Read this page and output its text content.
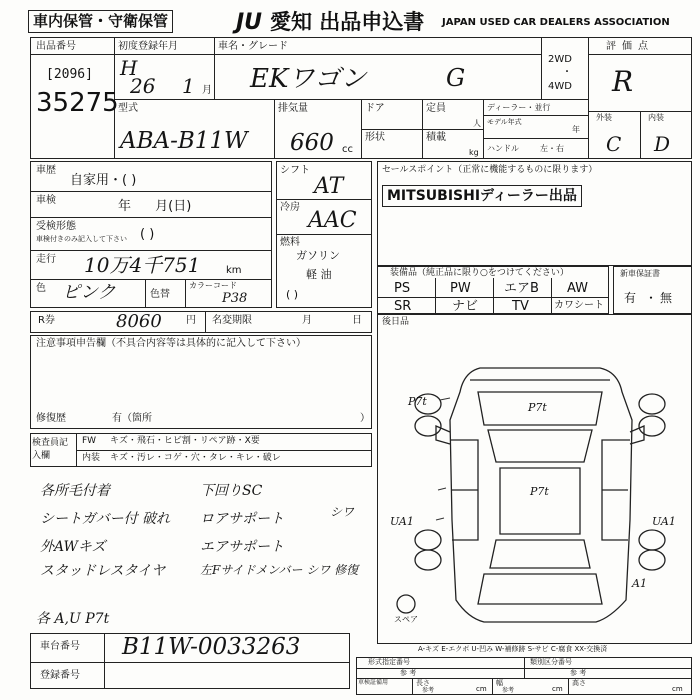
車内保管・守衛保管	JU 愛知 出品申込書 JAPAN USED CAR DEALERS ASSOCIATION
出品番号
[2096]
35275
初度登録年月
H
26 1 月
車名・グレード
EKワゴン	G
2WD
・
4WD
評価点
R
外装	内装
C D
型式
ABA-B11W
排気量
660 cc
ドア
形状
定員
人
積載
kg
ディーラー・並行
モデル年式
年
ハンドル	左・右
車歴
自家用・( )
車検	年 月(日)
受検形態
車検付きのみ記入して下さい ( )
走行 10万4千751	km
色 ピンク	色替
カラーコード
P38
シフト
AT
冷房
AAC
燃料
ガソリン
軽 油
( )
セールスポイント（正常に機能するものに限ります）
MITSUBISHIディーラー出品
装備品（純正品に限り○をつけてください）
PS	PW	エアB AW
SR	ナビ	TV	カワシート
新車保証書
有 ・ 無
R券	8060 円 名変期限	月	日 後日品
注意事項申告欄（不具合内容等は具体的に記入して下さい）
修復歴	有（箇所	）
検査員記入欄
FW キズ・飛石・ヒビ割・リペア跡・X要
内装 キズ・汚レ・コゲ・穴・タレ・キレ・破レ
各所毛付着
シートガバー付 破れ
外AWキズ
スタッドレスタイヤ
下回りSC
ロアサポート	シワ
エアサポート
左Fサイドメンバー シワ 修復
各 A,U P7t
P7t	P7t
P7t
UA1	UA1
A1
スペア
A-キズ E-エクボ U-凹み W-補修跡 S-サビ C-腐食 XX-交換済
車台番号 B11W-0033263
登録番号
形式指定番号	類別区分番号
参 考	参 考
車検証備用	長さ	幅	高さ
参考	参考
cm	cm	cm
